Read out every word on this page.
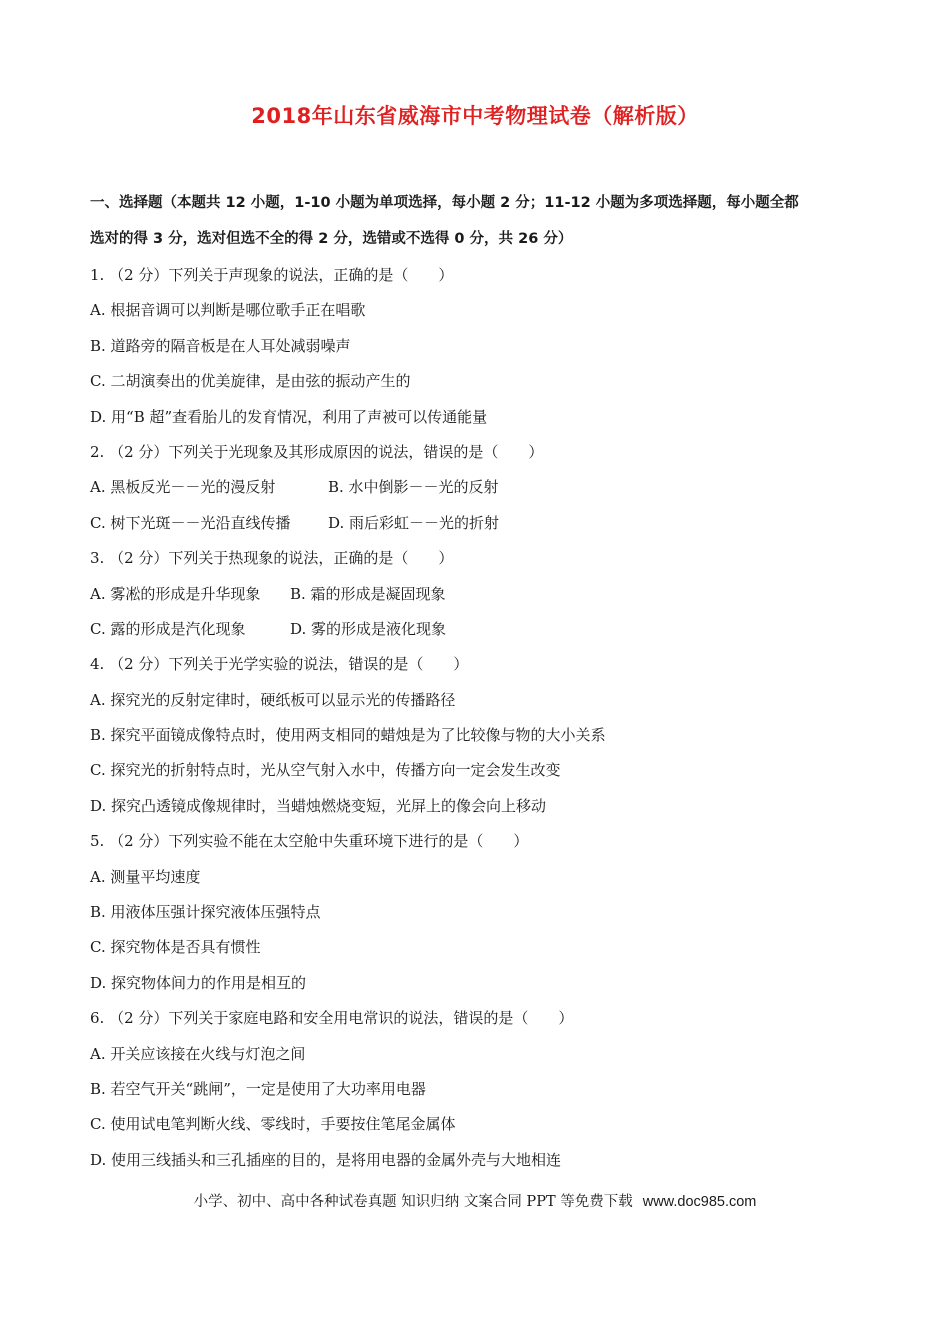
2018年山东省威海市中考物理试卷（解析版）
一、选择题（本题共 12 小题，1-10 小题为单项选择，每小题 2 分；11-12 小题为多项选择题，每小题全都
选对的得 3 分，选对但选不全的得 2 分，选错或不选得 0 分，共 26 分）
1. （2 分）下列关于声现象的说法，正确的是（　　）
A. 根据音调可以判断是哪位歌手正在唱歌
B. 道路旁的隔音板是在人耳处减弱噪声
C. 二胡演奏出的优美旋律，是由弦的振动产生的
D. 用“B 超”查看胎儿的发育情况，利用了声被可以传通能量
2. （2 分）下列关于光现象及其形成原因的说法，错误的是（　　）
A. 黑板反光－－光的漫反射	B. 水中倒影－－光的反射
C. 树下光斑－－光沿直线传播	D. 雨后彩虹－－光的折射
3. （2 分）下列关于热现象的说法，正确的是（　　）
A. 雾凇的形成是升华现象 B. 霜的形成是凝固现象
C. 露的形成是汽化现象	D. 雾的形成是液化现象
4. （2 分）下列关于光学实验的说法，错误的是（　　）
A. 探究光的反射定律时，硬纸板可以显示光的传播路径
B. 探究平面镜成像特点时，使用两支相同的蜡烛是为了比较像与物的大小关系
C. 探究光的折射特点时，光从空气射入水中，传播方向一定会发生改变
D. 探究凸透镜成像规律时，当蜡烛燃烧变短，光屏上的像会向上移动
5. （2 分）下列实验不能在太空舱中失重环境下进行的是（　　）
A. 测量平均速度
B. 用液体压强计探究液体压强特点
C. 探究物体是否具有惯性
D. 探究物体间力的作用是相互的
6. （2 分）下列关于家庭电路和安全用电常识的说法，错误的是（　　）
A. 开关应该接在火线与灯泡之间
B. 若空气开关“跳闸”，一定是使用了大功率用电器
C. 使用试电笔判断火线、零线时，手要按住笔尾金属体
D. 使用三线插头和三孔插座的目的，是将用电器的金属外壳与大地相连
小学、初中、高中各种试卷真题 知识归纳 文案合同 PPT 等免费下载 www.doc985.com
